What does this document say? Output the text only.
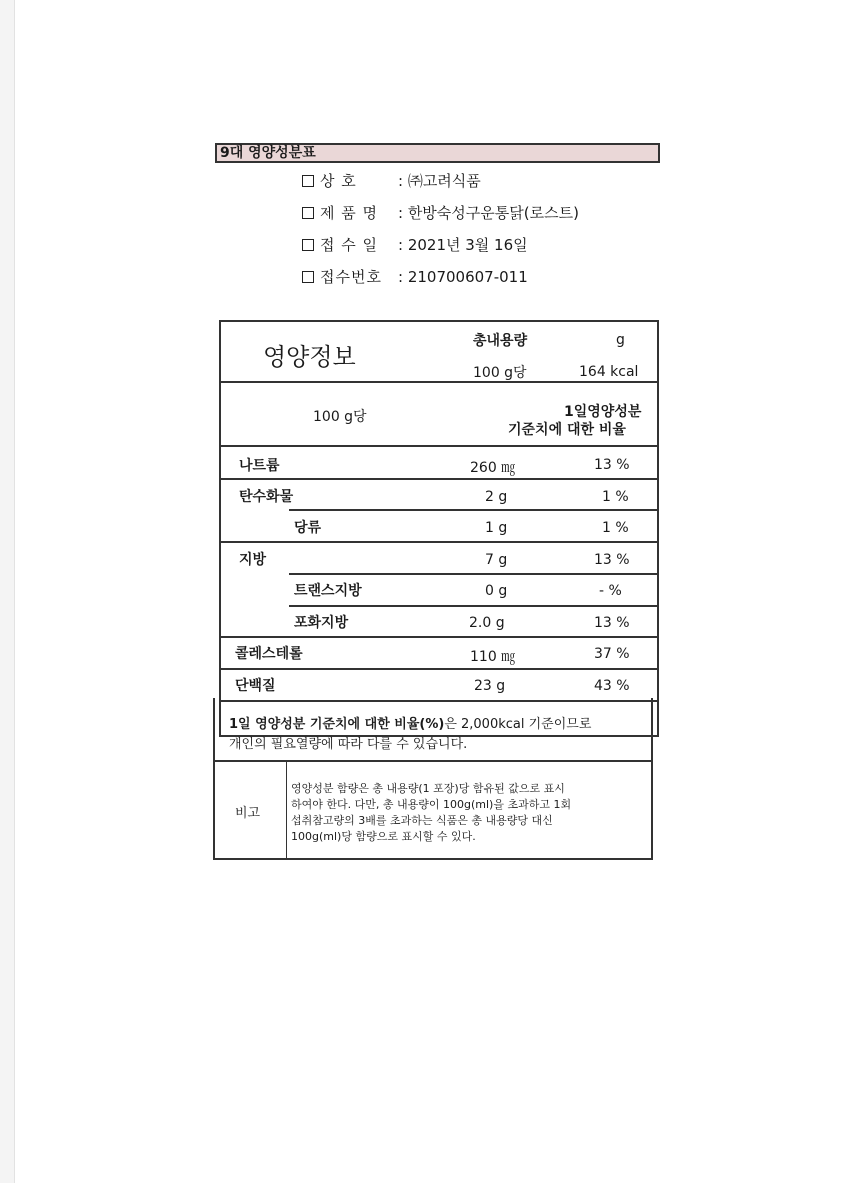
9대 영양성분표
상 호	: ㈜고려식품
제 품 명 : 한방숙성구운통닭(로스트)
접 수 일 : 2021년 3월 16일
접수번호 : 210700607-011
영양정보
총내용량	g
100 g당	164 kcal
100 g당	1일영양성분
기준치에 대한 비율
나트륨	260 ㎎	13 %
탄수화물	2 g	1 %
당류	1 g	1 %
지방	7 g	13 %
트랜스지방	0 g	- %
포화지방	2.0 g	13 %
콜레스테롤	110 ㎎	37 %
단백질	23 g	43 %
1일 영양성분 기준치에 대한 비율(%)은 2,000kcal 기준이므로
개인의 필요열량에 따라 다를 수 있습니다.
비고
영양성분 함량은 총 내용량(1 포장)당 함유된 값으로 표시
하여야 한다. 다만, 총 내용량이 100g(ml)을 초과하고 1회
섭취참고량의 3배를 초과하는 식품은 총 내용량당 대신
100g(ml)당 함량으로 표시할 수 있다.
